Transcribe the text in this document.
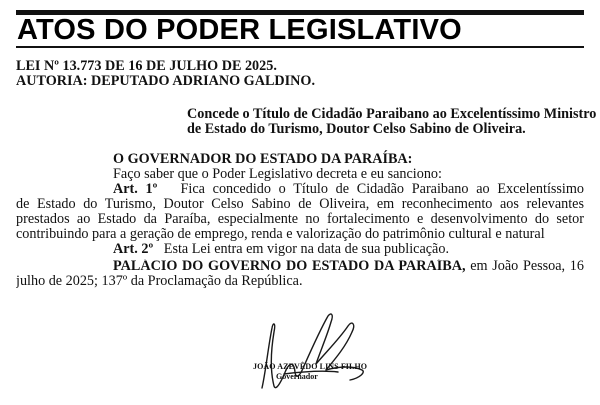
ATOS DO PODER LEGISLATIVO
LEI Nº 13.773 DE 16 DE JULHO DE 2025.
AUTORIA: DEPUTADO ADRIANO GALDINO.
Concede o Título de Cidadão Paraibano ao Excelentíssimo Ministro
de Estado do Turismo, Doutor Celso Sabino de Oliveira.
O GOVERNADOR DO ESTADO DA PARAÍBA:
Faço saber que o Poder Legislativo decreta e eu sanciono:
Art. 1º Fica concedido o Título de Cidadão Paraibano ao Excelentíssimo
de Estado do Turismo, Doutor Celso Sabino de Oliveira, em reconhecimento aos relevantes
prestados ao Estado da Paraíba, especialmente no fortalecimento e desenvolvimento do setor
contribuindo para a geração de emprego, renda e valorização do patrimônio cultural e natural
Art. 2º Esta Lei entra em vigor na data de sua publicação.
PALÁCIO DO GOVERNO DO ESTADO DA PARAÍBA, em João Pessoa, 16
julho de 2025; 137º da Proclamação da República.
JOÃO AZEVÊDO LINS FILHO
Governador
